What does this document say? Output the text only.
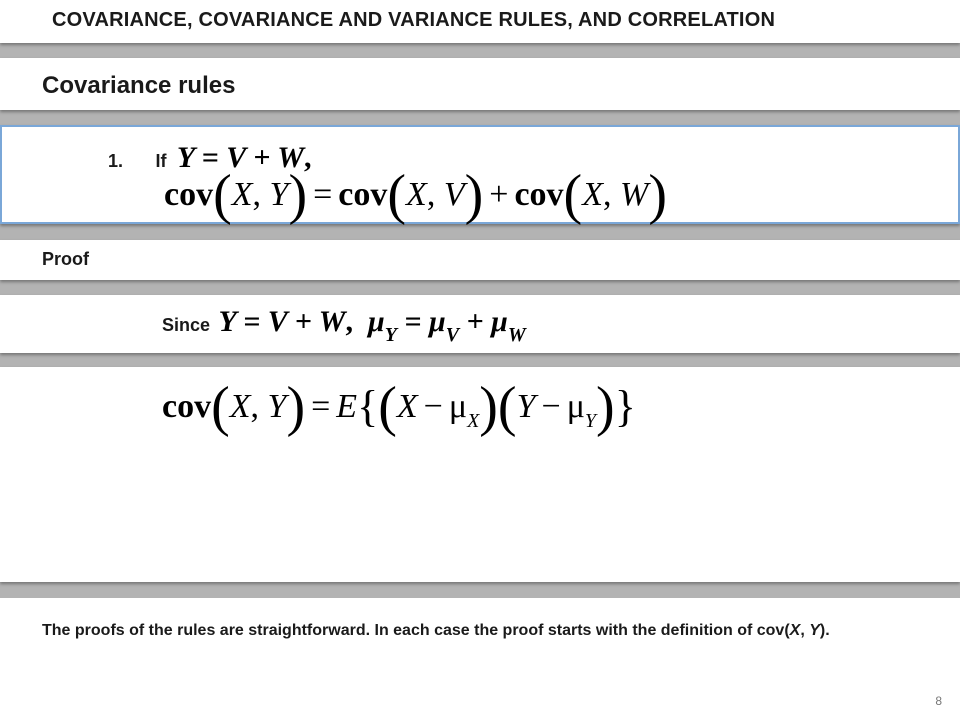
COVARIANCE, COVARIANCE AND VARIANCE RULES, AND CORRELATION
Covariance rules
1. If Y = V + W,
cov(X, Y) = cov(X, V) + cov(X, W)
Proof
Since Y = V + W,  $\mu_Y = \mu_V + \mu_W$
cov(X, $Y) = E\{(X - \mu_X)(Y - \mu_Y)\}$
The proofs of the rules are straightforward. In each case the proof starts with the definition of cov(X, Y).
8
